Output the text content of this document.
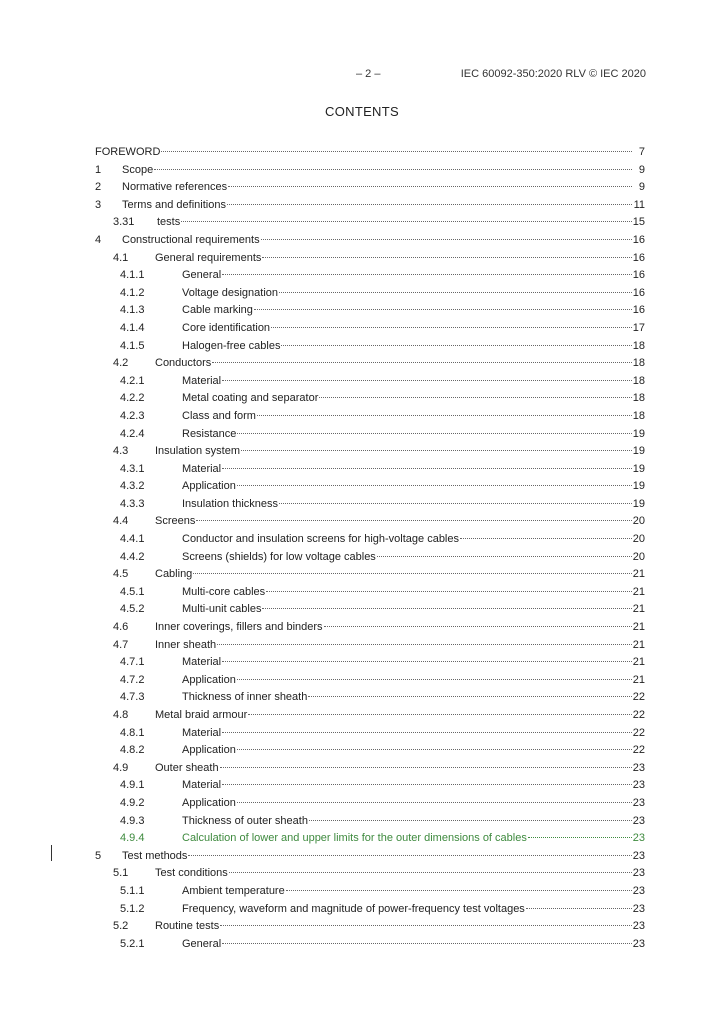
– 2 –	IEC 60092-350:2020 RLV © IEC 2020
CONTENTS
FOREWORD	7
1	Scope	9
2	Normative references	9
3	Terms and definitions	11
3.31	tests	15
4	Constructional requirements	16
4.1	General requirements	16
4.1.1	General	16
4.1.2	Voltage designation	16
4.1.3	Cable marking	16
4.1.4	Core identification	17
4.1.5	Halogen-free cables	18
4.2	Conductors	18
4.2.1	Material	18
4.2.2	Metal coating and separator	18
4.2.3	Class and form	18
4.2.4	Resistance	19
4.3	Insulation system	19
4.3.1	Material	19
4.3.2	Application	19
4.3.3	Insulation thickness	19
4.4	Screens	20
4.4.1	Conductor and insulation screens for high-voltage cables	20
4.4.2	Screens (shields) for low voltage cables	20
4.5	Cabling	21
4.5.1	Multi-core cables	21
4.5.2	Multi-unit cables	21
4.6	Inner coverings, fillers and binders	21
4.7	Inner sheath	21
4.7.1	Material	21
4.7.2	Application	21
4.7.3	Thickness of inner sheath	22
4.8	Metal braid armour	22
4.8.1	Material	22
4.8.2	Application	22
4.9	Outer sheath	23
4.9.1	Material	23
4.9.2	Application	23
4.9.3	Thickness of outer sheath	23
4.9.4	Calculation of lower and upper limits for the outer dimensions of cables	23
5	Test methods	23
5.1	Test conditions	23
5.1.1	Ambient temperature	23
5.1.2	Frequency, waveform and magnitude of power-frequency test voltages	23
5.2	Routine tests	23
5.2.1	General	23
